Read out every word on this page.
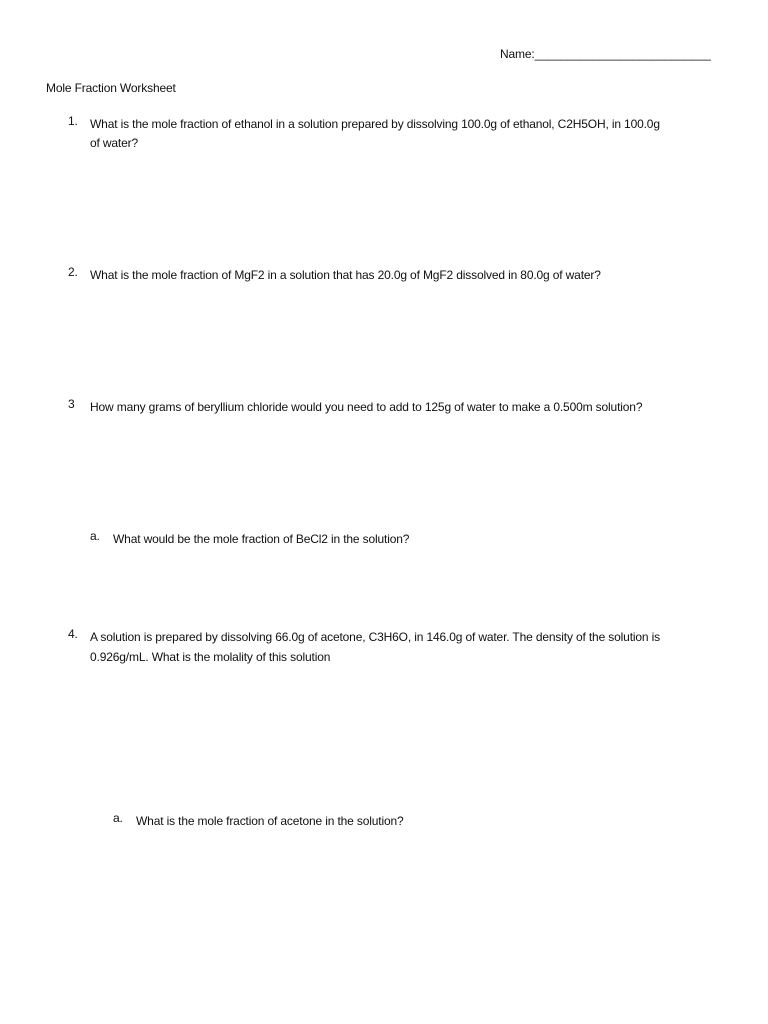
Name:___________________________
Mole Fraction Worksheet
1. What is the mole fraction of ethanol in a solution prepared by dissolving 100.0g of ethanol, C2H5OH, in 100.0g
of water?
2. What is the mole fraction of MgF2 in a solution that has 20.0g of MgF2 dissolved in 80.0g of water?
3 How many grams of beryllium chloride would you need to add to 125g of water to make a 0.500m solution?
a. What would be the mole fraction of BeCl2 in the solution?
4. A solution is prepared by dissolving 66.0g of acetone, C3H6O, in 146.0g of water. The density of the solution is
0.926g/mL. What is the molality of this solution
a. What is the mole fraction of acetone in the solution?
